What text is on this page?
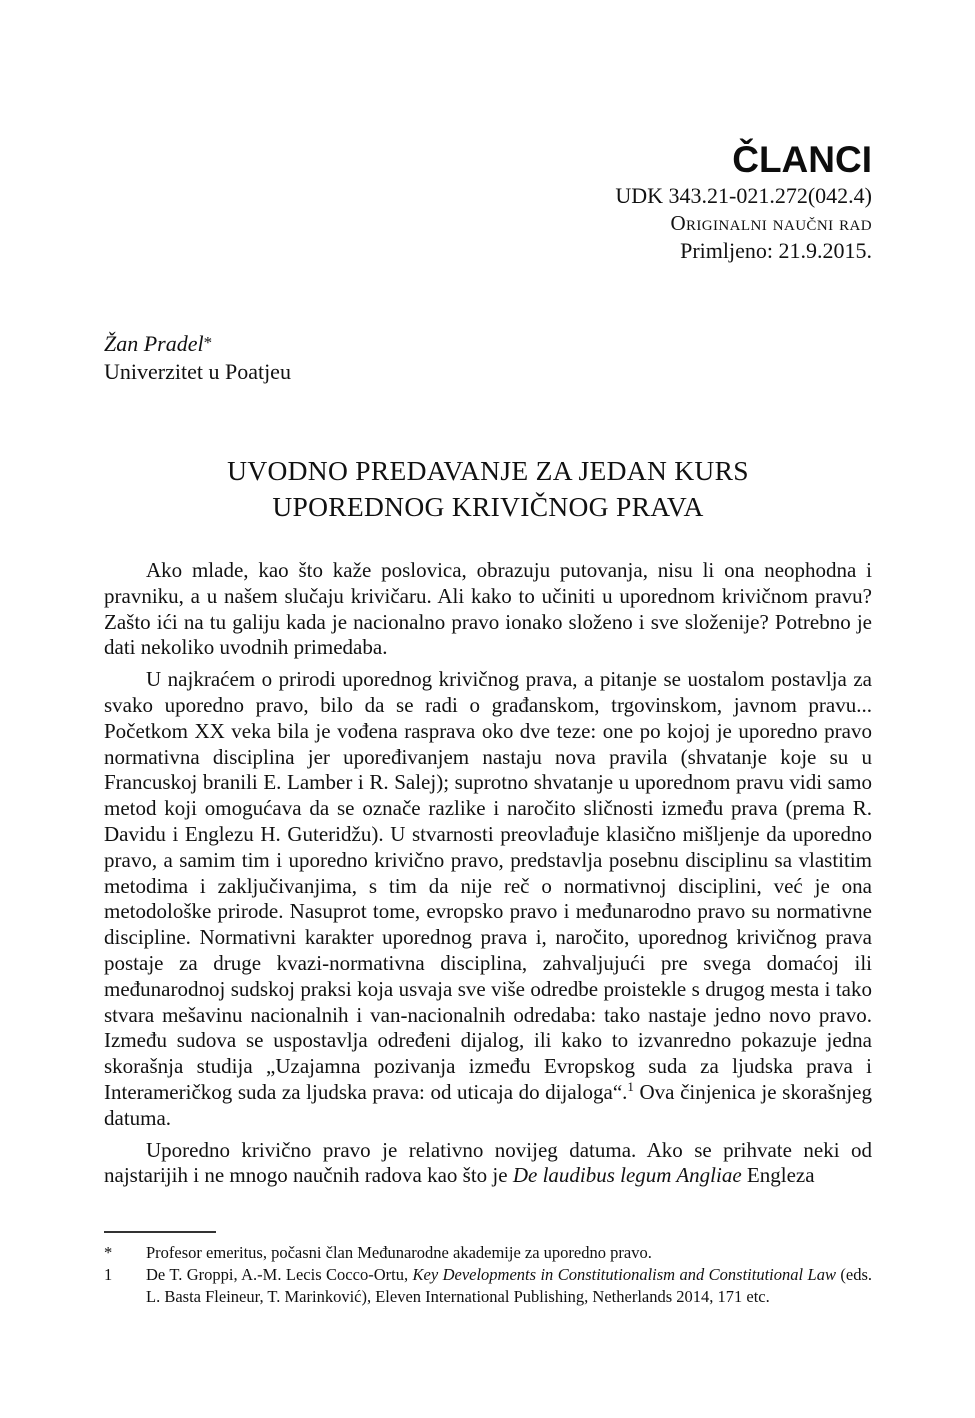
ČLANCI
UDK 343.21-021.272(042.4)
Originalni naučni rad
Primljeno: 21.9.2015.
Žan Pradel*
Univerzitet u Poatjeu
UVODNO PREDAVANJE ZA JEDAN KURS
UPOREDNOG KRIVIČNOG PRAVA

Ako mlade, kao što kaže poslovica, obrazuju putovanja, nisu li ona neophodna i pravniku, a u našem slučaju krivičaru. Ali kako to učiniti u uporednom krivičnom pravu? Zašto ići na tu galiju kada je nacionalno pravo ionako složeno i sve složenije? Potrebno je dati nekoliko uvodnih primedaba.

U najkraćem o prirodi uporednog krivičnog prava, a pitanje se uostalom postavlja za svako uporedno pravo, bilo da se radi o građanskom, trgovinskom, javnom pravu... Početkom XX veka bila je vođena rasprava oko dve teze: one po kojoj je uporedno pravo normativna disciplina jer upoređivanjem nastaju nova pravila (shvatanje koje su u Francuskoj branili E. Lamber i R. Salej); suprotno shvatanje u uporednom pravu vidi samo metod koji omogućava da se označe razlike i naročito sličnosti između prava (prema R. Davidu i Englezu H. Guteridžu). U stvarnosti preovlađuje klasično mišljenje da uporedno pravo, a samim tim i uporedno krivično pravo, predstavlja posebnu disciplinu sa vlastitim metodima i zaključivanjima, s tim da nije reč o normativnoj disciplini, već je ona metodološke prirode. Nasuprot tome, evropsko pravo i međunarodno pravo su normativne discipline. Normativni karakter uporednog prava i, naročito, uporednog krivičnog prava postaje za druge kvazi-normativna disciplina, zahvaljujući pre svega domaćoj ili međunarodnoj sudskoj praksi koja usvaja sve više odredbe proistekle s drugog mesta i tako stvara mešavinu nacionalnih i van-nacionalnih odredaba: tako nastaje jedno novo pravo. Između sudova se uspostavlja određeni dijalog, ili kako to izvanredno pokazuje jedna skorašnja studija „Uzajamna pozivanja između Evropskog suda za ljudska prava i Interameričkog suda za ljudska prava: od uticaja do dijaloga“.$^1$ Ova činjenica je skorašnjeg datuma.

Uporedno krivično pravo je relativno novijeg datuma. Ako se prihvate neki od najstarijih i ne mnogo naučnih radova kao što je De laudibus legum Angliae Engleza

*	Profesor emeritus, počasni član Međunarodne akademije za uporedno pravo.
1	De T. Groppi, A.-M. Lecis Cocco-Ortu, Key Developments in Constitutionalism and Constitutional Law (eds. L. Basta Fleineur, T. Marinković), Eleven International Publishing, Netherlands 2014, 171 etc.
